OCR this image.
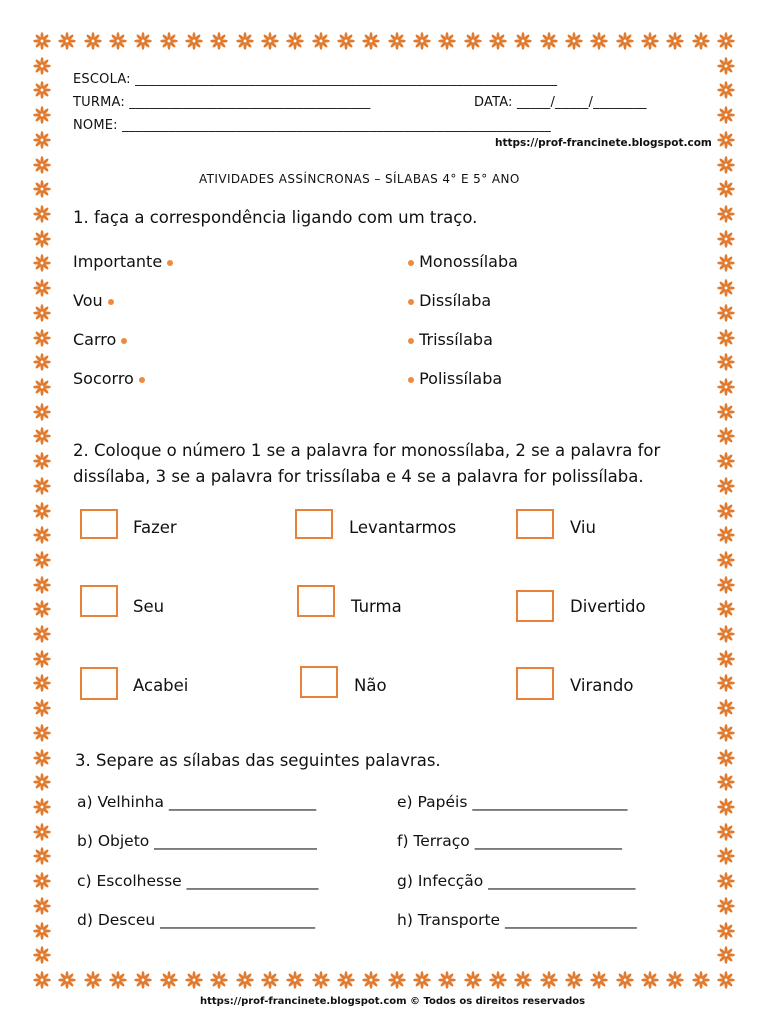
ESCOLA: _______________________________________________________________
TURMA: ____________________________________	DATA: _____/_____/________
NOME: ________________________________________________________________
https://prof-francinete.blogspot.com
ATIVIDADES ASSÍNCRONAS – SÍLABAS 4° E 5° ANO
1. faça a correspondência ligando com um traço.
Importante
Vou
Carro
Socorro
Monossílaba
Dissílaba
Trissílaba
Polissílaba
2. Coloque o número 1 se a palavra for monossílaba, 2 se a palavra for
dissílaba, 3 se a palavra for trissílaba e 4 se a palavra for polissílaba.
Fazer	Levantarmos	Viu
Seu	Turma	Divertido
Acabei	Não	Virando
3. Separe as sílabas das seguintes palavras.
a) Velhinha ___________________
b) Objeto _____________________
c) Escolhesse _________________
d) Desceu ____________________
e) Papéis ____________________
f) Terraço ___________________
g) Infecção ___________________
h) Transporte _________________
https://prof-francinete.blogspot.com © Todos os direitos reservados
